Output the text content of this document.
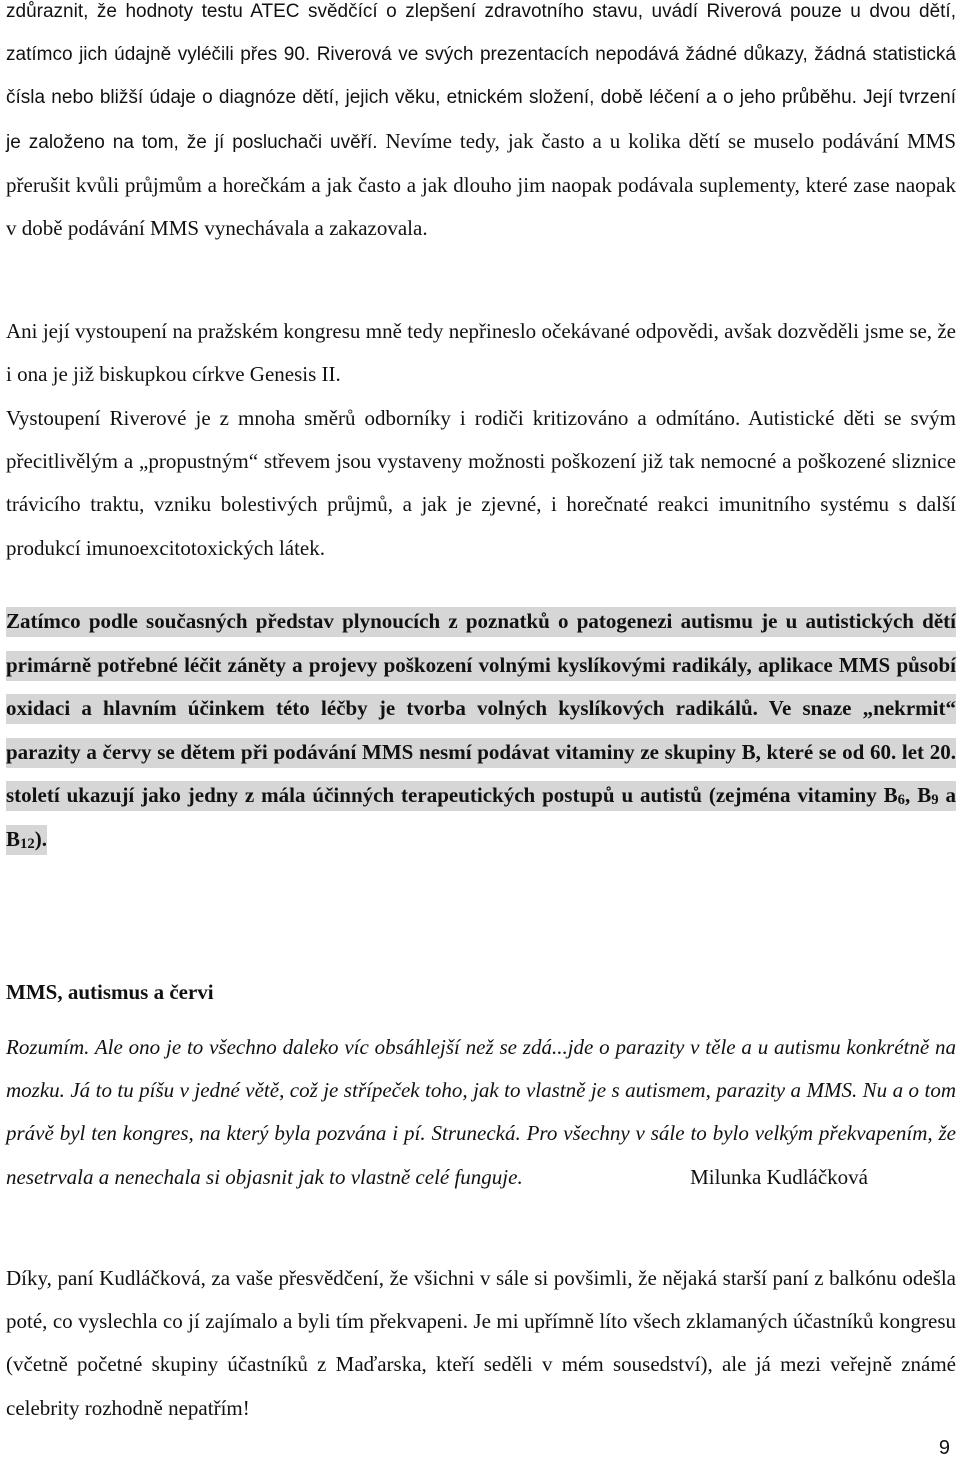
zdůraznit, že hodnoty testu ATEC svědčící o zlepšení zdravotního stavu, uvádí Riverová pouze u dvou dětí, zatímco jich údajně vyléčili přes 90. Riverová ve svých prezentacích nepodává žádné důkazy, žádná statistická čísla nebo bližší údaje o diagnóze dětí, jejich věku, etnickém složení, době léčení a o jeho průběhu. Její tvrzení je založeno na tom, že jí posluchači uvěří. Nevíme tedy, jak často a u kolika dětí se muselo podávání MMS přerušit kvůli průjmům a horečkám a jak často a jak dlouho jim naopak podávala suplementy, které zase naopak v době podávání MMS vynechávala a zakazovala.

Ani její vystoupení na pražském kongresu mně tedy nepřineslo očekávané odpovědi, avšak dozvěděli jsme se, že i ona je již biskupkou církve Genesis II.

Vystoupení Riverové je z mnoha směrů odborníky i rodiči kritizováno a odmítáno. Autistické děti se svým přecitlivělým a „propustným“ střevem jsou vystaveny možnosti poškození již tak nemocné a poškozené sliznice trávicího traktu, vzniku bolestivých průjmů, a jak je zjevné, i horečnaté reakci imunitního systému s další produkcí imunoexcitotoxických látek.

Zatímco podle současných představ plynoucích z poznatků o patogenezi autismu je u autistických dětí primárně potřebné léčit záněty a projevy poškození volnými kyslíkovými radikály, aplikace MMS působí oxidaci a hlavním účinkem této léčby je tvorba volných kyslíkových radikálů. Ve snaze „nekrmit“ parazity a červy se dětem při podávání MMS nesmí podávat vitaminy ze skupiny B, které se od 60. let 20. století ukazují jako jedny z mála účinných terapeutických postupů u autistů (zejména vitaminy B6, B9 a B12).

MMS, autismus a červi

Rozumím. Ale ono je to všechno daleko víc obsáhlejší než se zdá...jde o parazity v těle a u autismu konkrétně na mozku. Já to tu píšu v jedné větě, což je střípeček toho, jak to vlastně je s autismem, parazity a MMS. Nu a o tom právě byl ten kongres, na který byla pozvána i pí. Strunecká. Pro všechny v sále to bylo velkým překvapením, že nesetrvala a nenechala si objasnit jak to vlastně celé funguje.	Milunka Kudláčková

Díky, paní Kudláčková, za vaše přesvědčení, že všichni v sále si povšimli, že nějaká starší paní z balkónu odešla poté, co vyslechla co jí zajímalo a byli tím překvapeni. Je mi upřímně líto všech zklamaných účastníků kongresu (včetně početné skupiny účastníků z Maďarska, kteří seděli v mém sousedství), ale já mezi veřejně známé celebrity rozhodně nepatřím!

9
